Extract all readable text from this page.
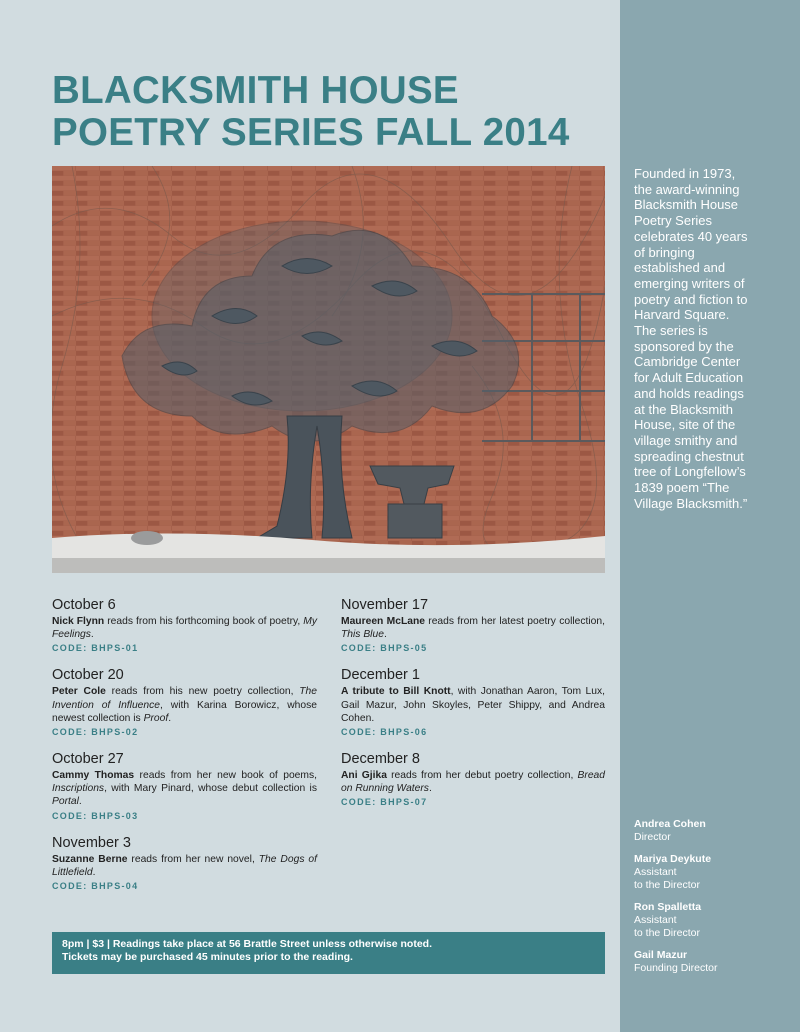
Founded in 1973, the award-winning Blacksmith House Poetry Series celebrates 40 years of bringing established and emerging writers of poetry and fiction to Harvard Square. The series is sponsored by the Cambridge Center for Adult Education and holds readings at the Blacksmith House, site of the village smithy and spreading chestnut tree of Longfellow’s 1839 poem “The Village Blacksmith.”
Andrea Cohen
Director
Mariya Deykute
Assistant
to the Director
Ron Spalletta
Assistant
to the Director
Gail Mazur
Founding Director
BLACKSMITH HOUSE
POETRY SERIES FALL 2014
October 6
Nick Flynn reads from his forthcoming book of poetry, My Feelings.
CODE: BHPS-01
October 20
Peter Cole reads from his new poetry collection, The Invention of Influence, with Karina Borowicz, whose newest collection is Proof.
CODE: BHPS-02
October 27
Cammy Thomas reads from her new book of poems, Inscriptions, with Mary Pinard, whose debut collection is Portal.
CODE: BHPS-03
November 3
Suzanne Berne reads from her new novel, The Dogs of Littlefield.
CODE: BHPS-04
November 17
Maureen McLane reads from her latest poetry collection, This Blue.
CODE: BHPS-05
December 1
A tribute to Bill Knott, with Jonathan Aaron, Tom Lux, Gail Mazur, John Skoyles, Peter Shippy, and Andrea Cohen.
CODE: BHPS-06
December 8
Ani Gjika reads from her debut poetry collection, Bread on Running Waters.
CODE: BHPS-07
8pm | $3 | Readings take place at 56 Brattle Street unless otherwise noted.
Tickets may be purchased 45 minutes prior to the reading.
